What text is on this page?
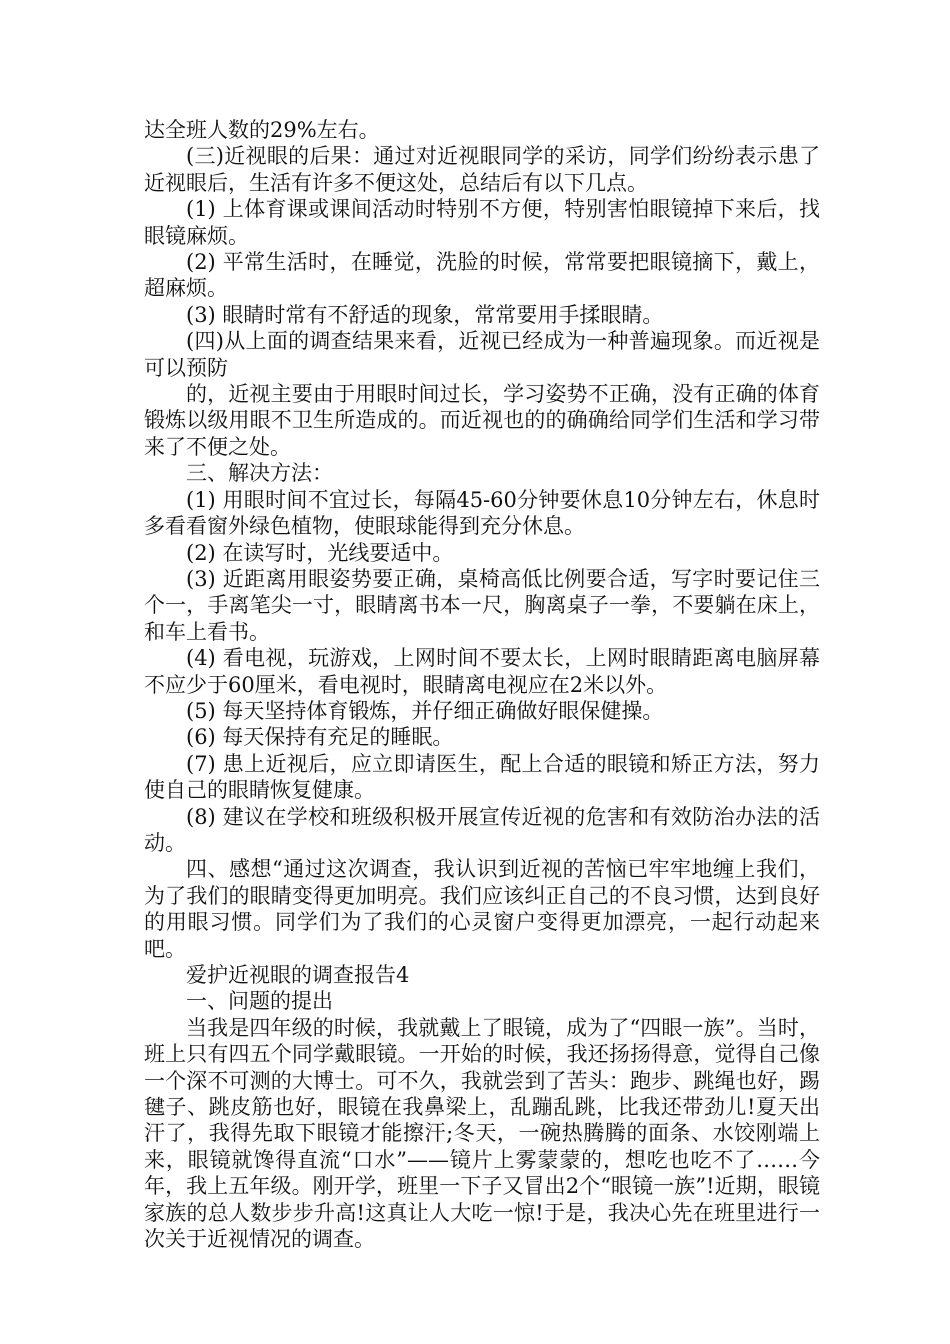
达全班人数的29%左右。

(三)近视眼的后果：通过对近视眼同学的采访，同学们纷纷表示患了近视眼后，生活有许多不便这处，总结后有以下几点。

(1) 上体育课或课间活动时特别不方便，特别害怕眼镜掉下来后，找眼镜麻烦。

(2) 平常生活时，在睡觉，洗脸的时候，常常要把眼镜摘下，戴上，超麻烦。

(3) 眼睛时常有不舒适的现象，常常要用手揉眼睛。

(四)从上面的调查结果来看，近视已经成为一种普遍现象。而近视是可以预防

的，近视主要由于用眼时间过长，学习姿势不正确，没有正确的体育锻炼以级用眼不卫生所造成的。而近视也的的确确给同学们生活和学习带来了不便之处。

三、解决方法：

(1) 用眼时间不宜过长，每隔45-60分钟要休息10分钟左右，休息时多看看窗外绿色植物，使眼球能得到充分休息。

(2) 在读写时，光线要适中。

(3) 近距离用眼姿势要正确，桌椅高低比例要合适，写字时要记住三个一，手离笔尖一寸，眼睛离书本一尺，胸离桌子一拳，不要躺在床上，和车上看书。

(4) 看电视，玩游戏，上网时间不要太长，上网时眼睛距离电脑屏幕不应少于60厘米，看电视时，眼睛离电视应在2米以外。

(5) 每天坚持体育锻炼，并仔细正确做好眼保健操。

(6) 每天保持有充足的睡眠。

(7) 患上近视后，应立即请医生，配上合适的眼镜和矫正方法，努力使自己的眼睛恢复健康。

(8) 建议在学校和班级积极开展宣传近视的危害和有效防治办法的活动。

四、感想“通过这次调查，我认识到近视的苦恼已牢牢地缠上我们，为了我们的眼睛变得更加明亮。我们应该纠正自己的不良习惯，达到良好的用眼习惯。同学们为了我们的心灵窗户变得更加漂亮，一起行动起来吧。

爱护近视眼的调查报告4

一、问题的提出

当我是四年级的时候，我就戴上了眼镜，成为了“四眼一族”。当时，班上只有四五个同学戴眼镜。一开始的时候，我还扬扬得意，觉得自己像一个深不可测的大博士。可不久，我就尝到了苦头：跑步、跳绳也好，踢毽子、跳皮筋也好，眼镜在我鼻梁上，乱蹦乱跳，比我还带劲儿!夏天出汗了，我得先取下眼镜才能擦汗;冬天，一碗热腾腾的面条、水饺刚端上来，眼镜就馋得直流“口水”——镜片上雾蒙蒙的，想吃也吃不了……今年，我上五年级。刚开学，班里一下子又冒出2个“眼镜一族”!近期，眼镜家族的总人数步步升高!这真让人大吃一惊!于是，我决心先在班里进行一次关于近视情况的调查。
